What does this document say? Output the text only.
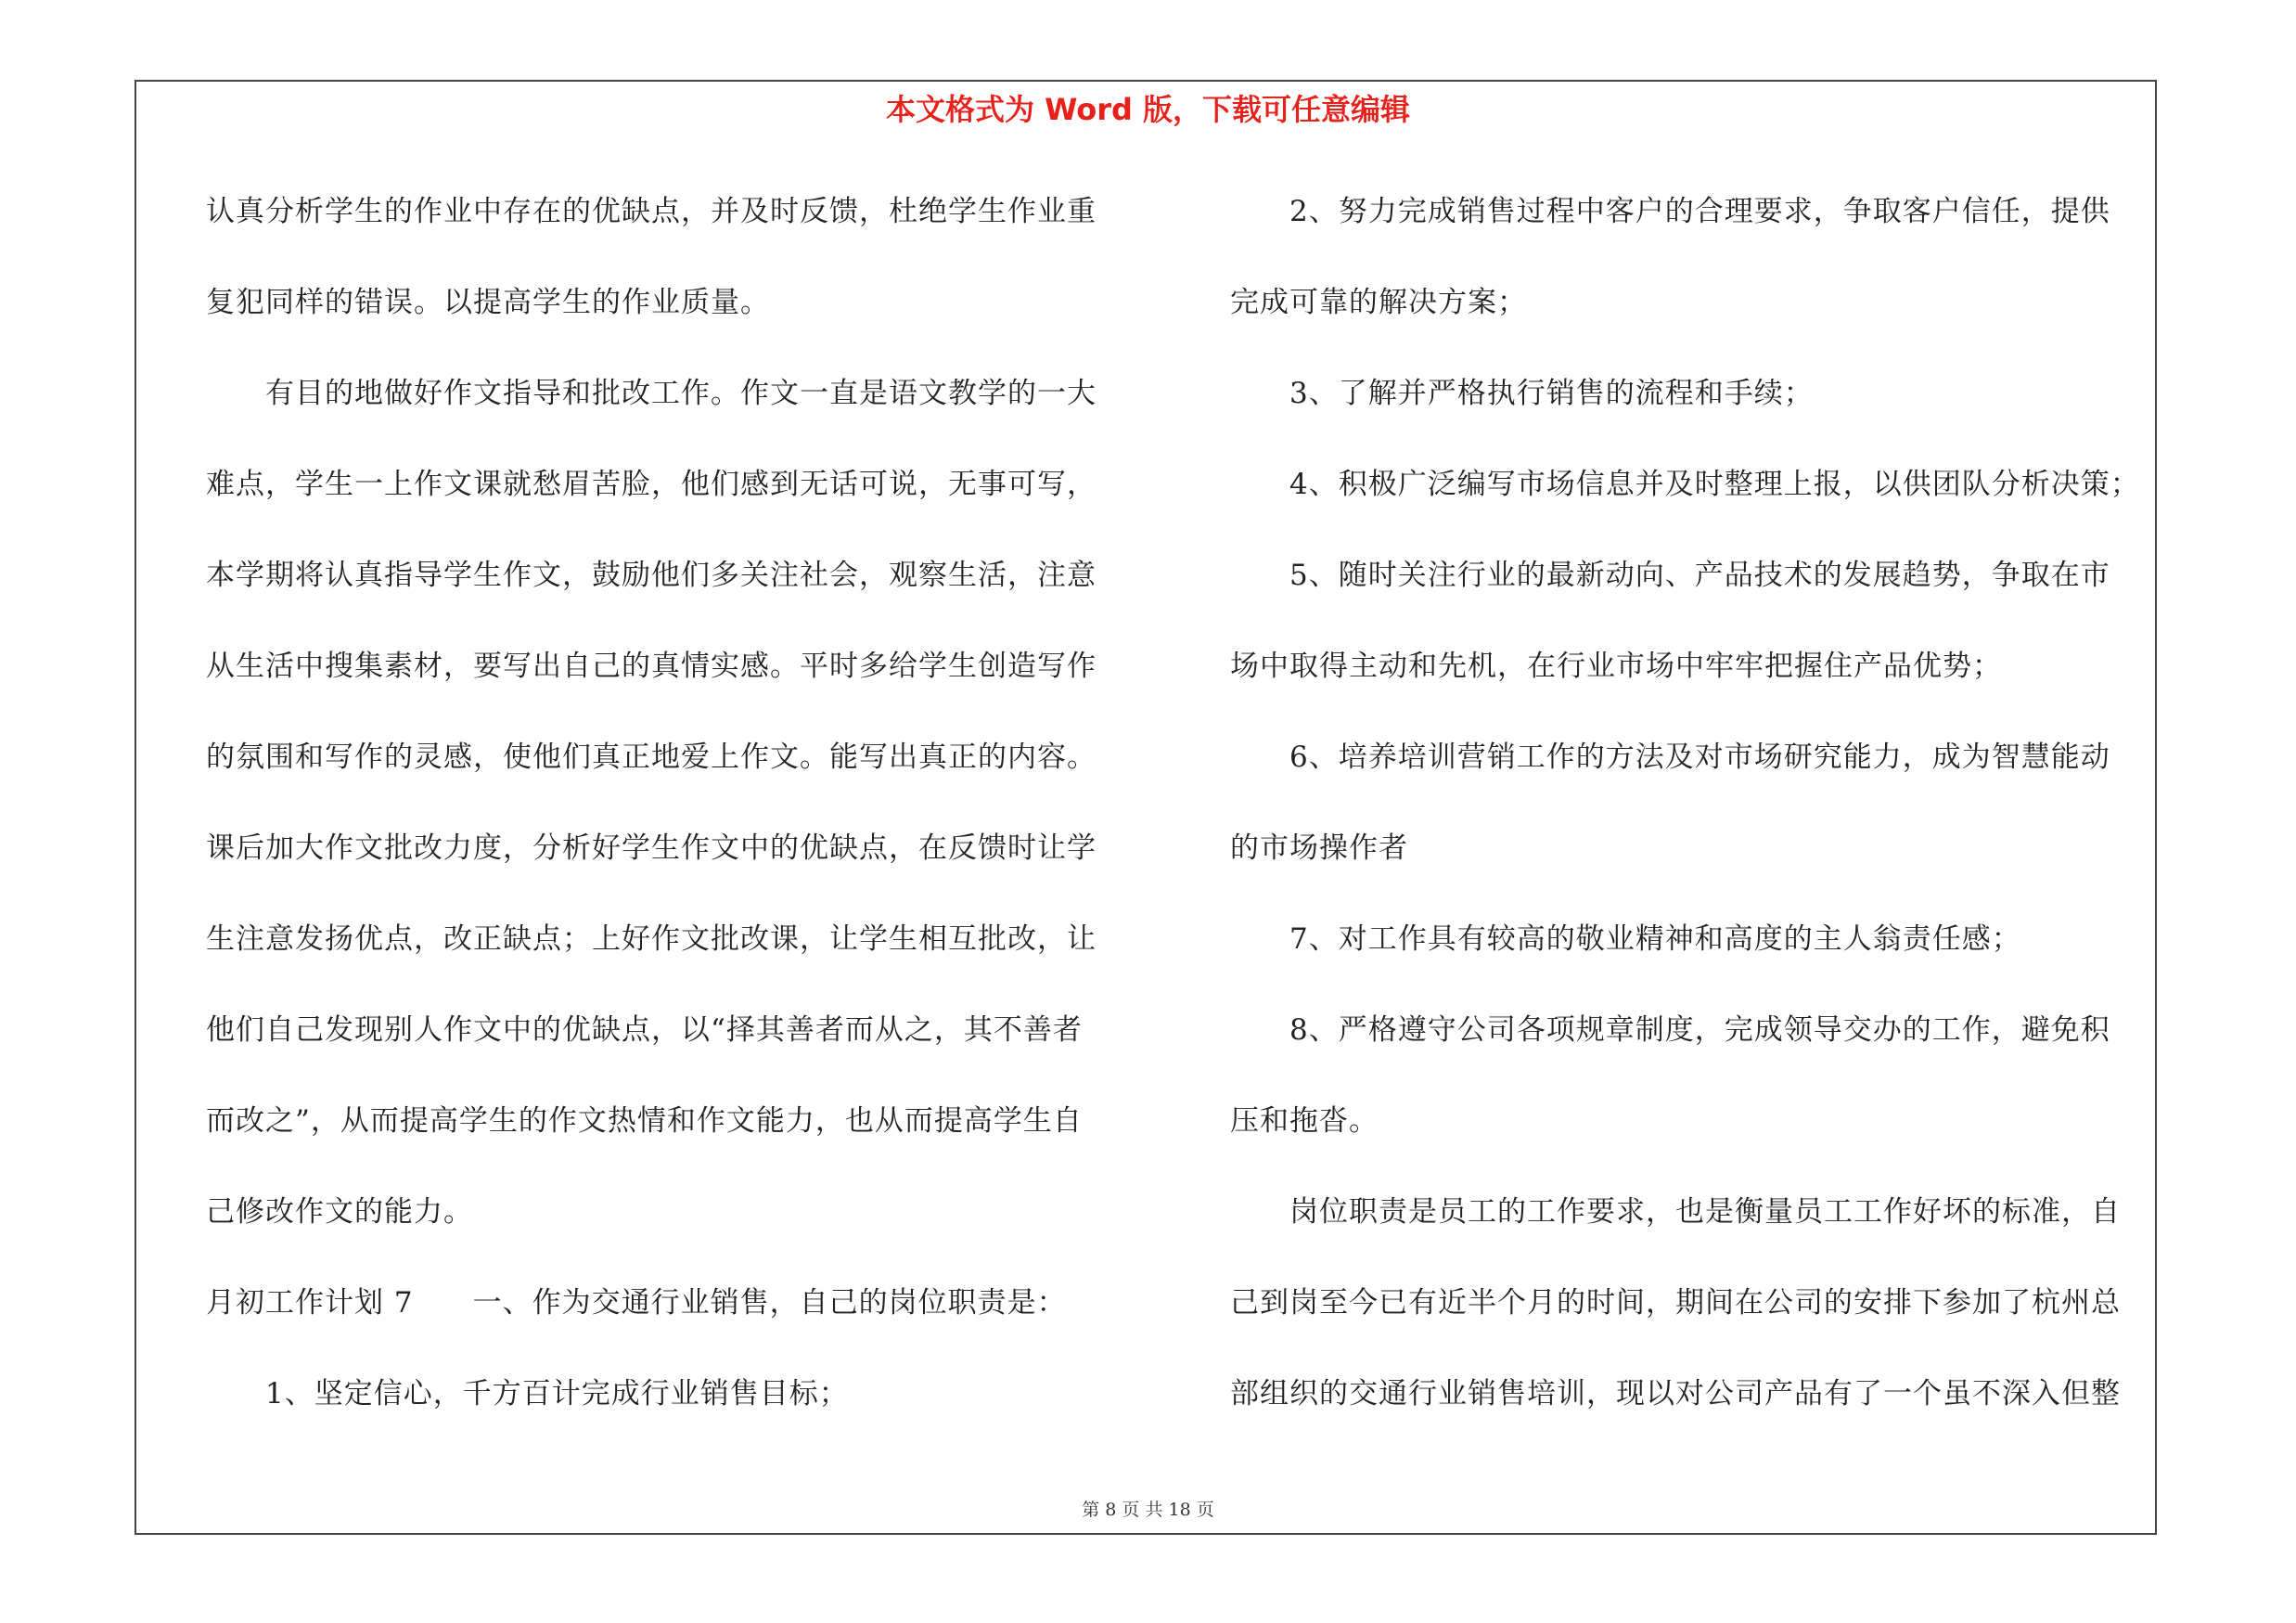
本文格式为 Word 版，下载可任意编辑
认真分析学生的作业中存在的优缺点，并及时反馈，杜绝学生作业重
复犯同样的错误。以提高学生的作业质量。
有目的地做好作文指导和批改工作。作文一直是语文教学的一大
难点，学生一上作文课就愁眉苦脸，他们感到无话可说，无事可写，
本学期将认真指导学生作文，鼓励他们多关注社会，观察生活，注意
从生活中搜集素材，要写出自己的真情实感。平时多给学生创造写作
的氛围和写作的灵感，使他们真正地爱上作文。能写出真正的内容。
课后加大作文批改力度，分析好学生作文中的优缺点，在反馈时让学
生注意发扬优点，改正缺点；上好作文批改课，让学生相互批改，让
他们自己发现别人作文中的优缺点，以“择其善者而从之，其不善者
而改之”，从而提高学生的作文热情和作文能力，也从而提高学生自
己修改作文的能力。
月初工作计划 7 一、作为交通行业销售，自己的岗位职责是：
1、坚定信心，千方百计完成行业销售目标；
2、努力完成销售过程中客户的合理要求，争取客户信任，提供
完成可靠的解决方案；
3、了解并严格执行销售的流程和手续；
4、积极广泛编写市场信息并及时整理上报，以供团队分析决策；
5、随时关注行业的最新动向、产品技术的发展趋势，争取在市
场中取得主动和先机，在行业市场中牢牢把握住产品优势；
6、培养培训营销工作的方法及对市场研究能力，成为智慧能动
的市场操作者
7、对工作具有较高的敬业精神和高度的主人翁责任感；
8、严格遵守公司各项规章制度，完成领导交办的工作，避免积
压和拖沓。
岗位职责是员工的工作要求，也是衡量员工工作好坏的标准，自
己到岗至今已有近半个月的时间，期间在公司的安排下参加了杭州总
部组织的交通行业销售培训，现以对公司产品有了一个虽不深入但整
第 8 页 共 18 页
